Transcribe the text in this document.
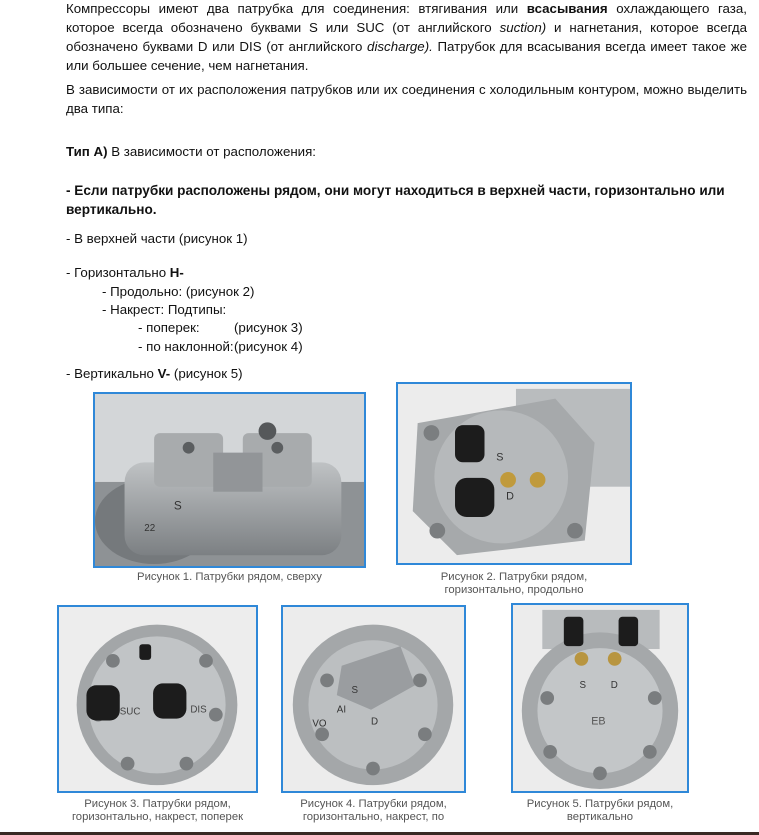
Компрессоры имеют два патрубка для соединения: втягивания или всасывания охлаждающего газа, которое всегда обозначено буквами S или SUC (от английского suction) и нагнетания, которое всегда обозначено буквами D или DIS (от английского discharge). Патрубок для всасывания всегда имеет такое же или большее сечение, чем нагнетания.
В зависимости от их расположения патрубков или их соединения с холодильным контуром, можно выделить два типа:
Тип А) В зависимости от расположения:
- Если патрубки расположены рядом, они могут находиться в верхней части, горизонтально или вертикально.
- В верхней части (рисунок 1)
- Горизонтально H-
- Продольно: (рисунок 2)
- Накрест: Подтипы:
- поперек:	(рисунок 3)
- по наклонной: (рисунок 4)
- Вертикально V- (рисунок 5)
S
22
Рисунок 1. Патрубки рядом, сверху
S
D
Рисунок 2. Патрубки рядом,
горизонтально, продольно
SUC	DIS
Рисунок 3. Патрубки рядом,
горизонтально, накрест, поперек
S
D
VO
AI
Рисунок 4. Патрубки рядом,
горизонтально, накрест, по
S D
EB
Рисунок 5. Патрубки рядом,
вертикально
